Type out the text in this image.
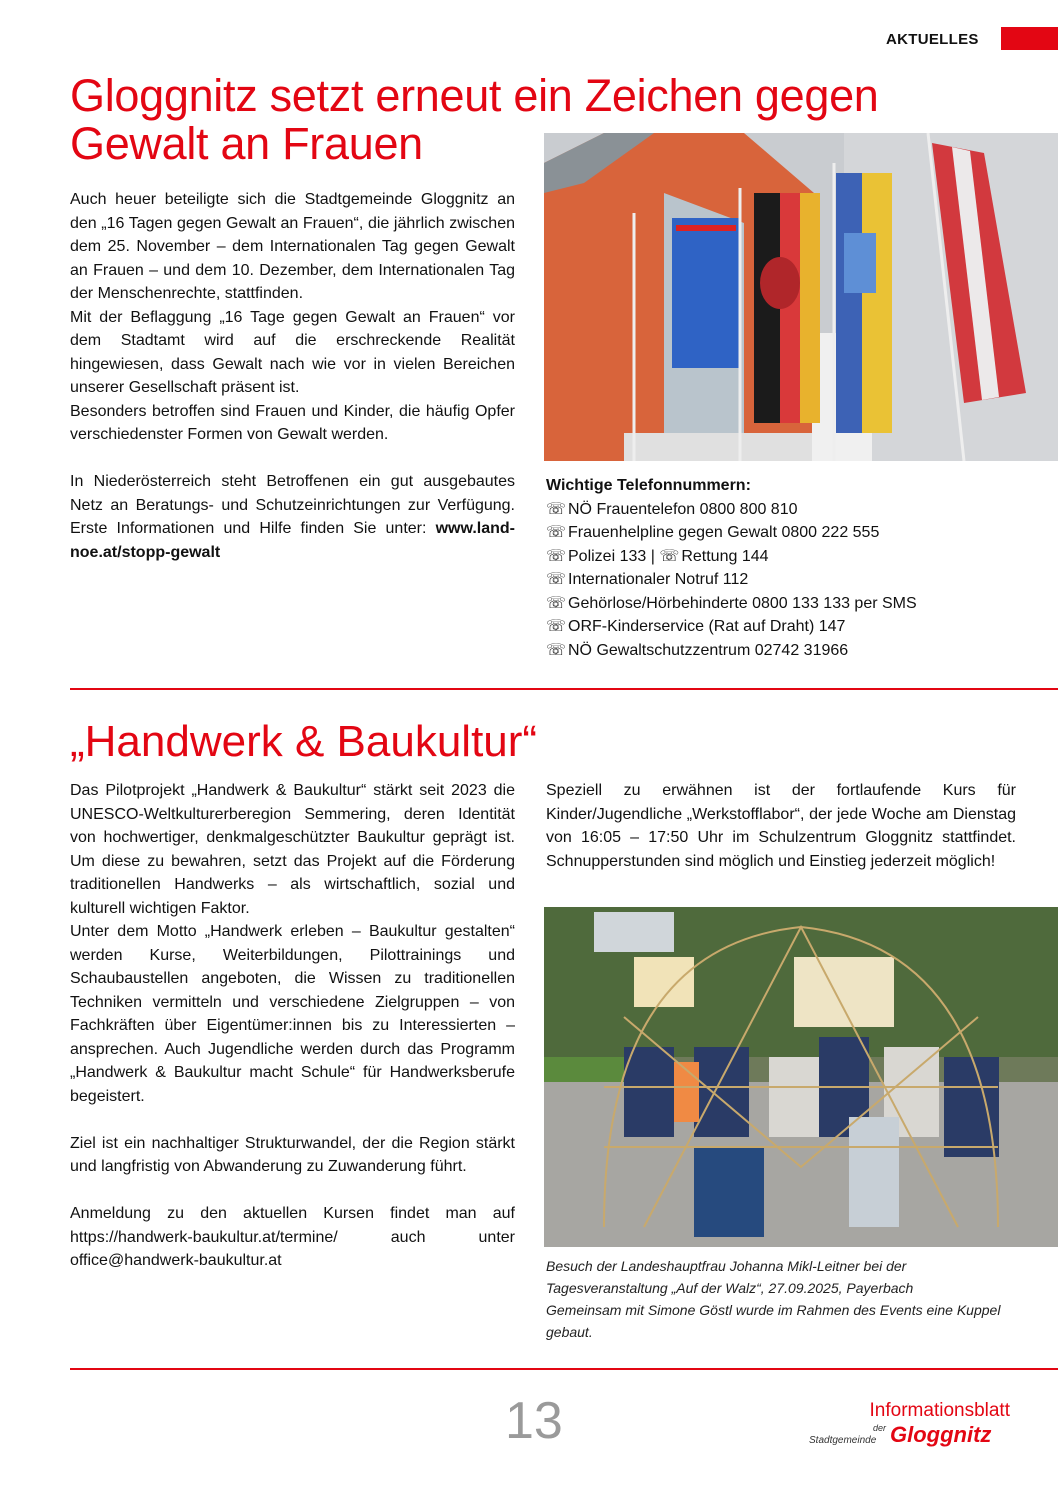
AKTUELLES
Gloggnitz setzt erneut ein Zeichen gegen Gewalt an Frauen

Auch heuer beteiligte sich die Stadtgemeinde Gloggnitz an den „16 Tagen gegen Gewalt an Frauen“, die jährlich zwischen dem 25. November – dem Internationalen Tag gegen Gewalt an Frauen – und dem 10. Dezember, dem Internationalen Tag der Menschenrechte, stattfinden.

Mit der Beflaggung „16 Tage gegen Gewalt an Frauen“ vor dem Stadtamt wird auf die erschreckende Realität hingewiesen, dass Gewalt nach wie vor in vielen Bereichen unserer Gesellschaft präsent ist.

Besonders betroffen sind Frauen und Kinder, die häufig Opfer verschiedenster Formen von Gewalt werden.

In Niederösterreich steht Betroffenen ein gut ausgebautes Netz an Beratungs- und Schutzeinrichtungen zur Verfügung. Erste Informationen und Hilfe finden Sie unter: www.land-noe.at/stopp-gewalt

Wichtige Telefonnummern:
☏ NÖ Frauentelefon 0800 800 810
☏ Frauenhelpline gegen Gewalt 0800 222 555
☏ Polizei 133 | ☏ Rettung 144
☏ Internationaler Notruf 112
☏ Gehörlose/Hörbehinderte 0800 133 133 per SMS
☏ ORF-Kinderservice (Rat auf Draht) 147
☏ NÖ Gewaltschutzzentrum 02742 31966
„Handwerk & Baukultur“

Das Pilotprojekt „Handwerk & Baukultur“ stärkt seit 2023 die UNESCO-Weltkulturerberegion Semmering, deren Identität von hochwertiger, denkmalgeschützter Baukultur geprägt ist. Um diese zu bewahren, setzt das Projekt auf die Förderung traditionellen Handwerks – als wirtschaftlich, sozial und kulturell wichtigen Faktor.

Unter dem Motto „Handwerk erleben – Baukultur gestalten“ werden Kurse, Weiterbildungen, Pilottrainings und Schaubaustellen angeboten, die Wissen zu traditionellen Techniken vermitteln und verschiedene Zielgruppen – von Fachkräften über Eigentümer:innen bis zu Interessierten – ansprechen. Auch Jugendliche werden durch das Programm „Handwerk & Baukultur macht Schule“ für Handwerksberufe begeistert.

Ziel ist ein nachhaltiger Strukturwandel, der die Region stärkt und langfristig von Abwanderung zu Zuwanderung führt.

Anmeldung zu den aktuellen Kursen findet man auf https://handwerk-baukultur.at/termine/ auch unter office@handwerk-baukultur.at

Speziell zu erwähnen ist der fortlaufende Kurs für Kinder/Jugendliche „Werkstofflabor“, der jede Woche am Dienstag von 16:05 – 17:50 Uhr im Schulzentrum Gloggnitz stattfindet. Schnupperstunden sind möglich und Einstieg jederzeit möglich!

Besuch der Landeshauptfrau Johanna Mikl-Leitner bei der Tagesveranstaltung „Auf der Walz“, 27.09.2025, Payerbach
Gemeinsam mit Simone Göstl wurde im Rahmen des Events eine Kuppel gebaut.
13	Informationsblatt
der
Stadtgemeinde Gloggnitz
